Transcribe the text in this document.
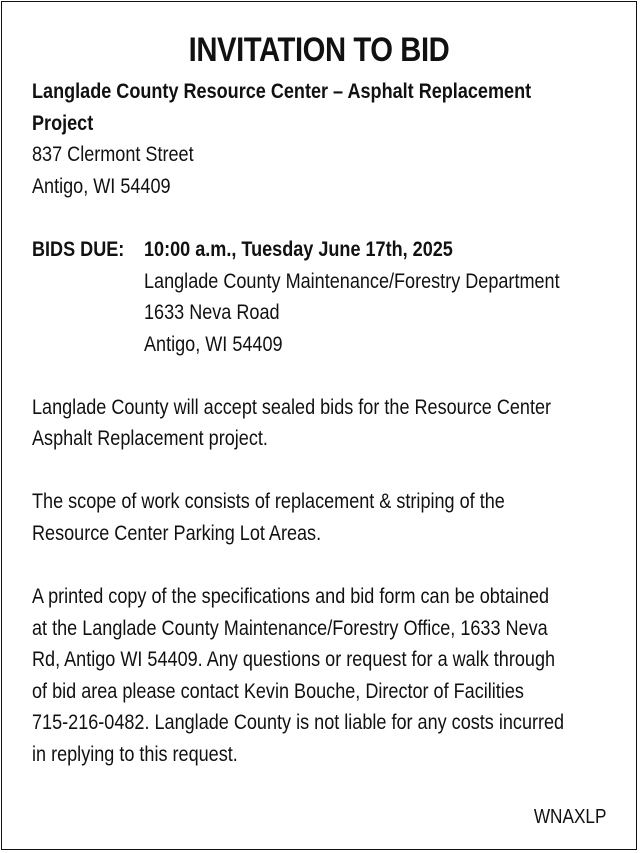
INVITATION TO BID
Langlade County Resource Center – Asphalt Replacement
Project
837 Clermont Street
Antigo, WI 54409
BIDS DUE: 10:00 a.m., Tuesday June 17th, 2025
Langlade County Maintenance/Forestry Department
1633 Neva Road
Antigo, WI 54409
Langlade County will accept sealed bids for the Resource Center
Asphalt Replacement project.
The scope of work consists of replacement & striping of the
Resource Center Parking Lot Areas.
A printed copy of the specifications and bid form can be obtained
at the Langlade County Maintenance/Forestry Office, 1633 Neva
Rd, Antigo WI 54409. Any questions or request for a walk through
of bid area please contact Kevin Bouche, Director of Facilities
715-216-0482. Langlade County is not liable for any costs incurred
in replying to this request.
WNAXLP
